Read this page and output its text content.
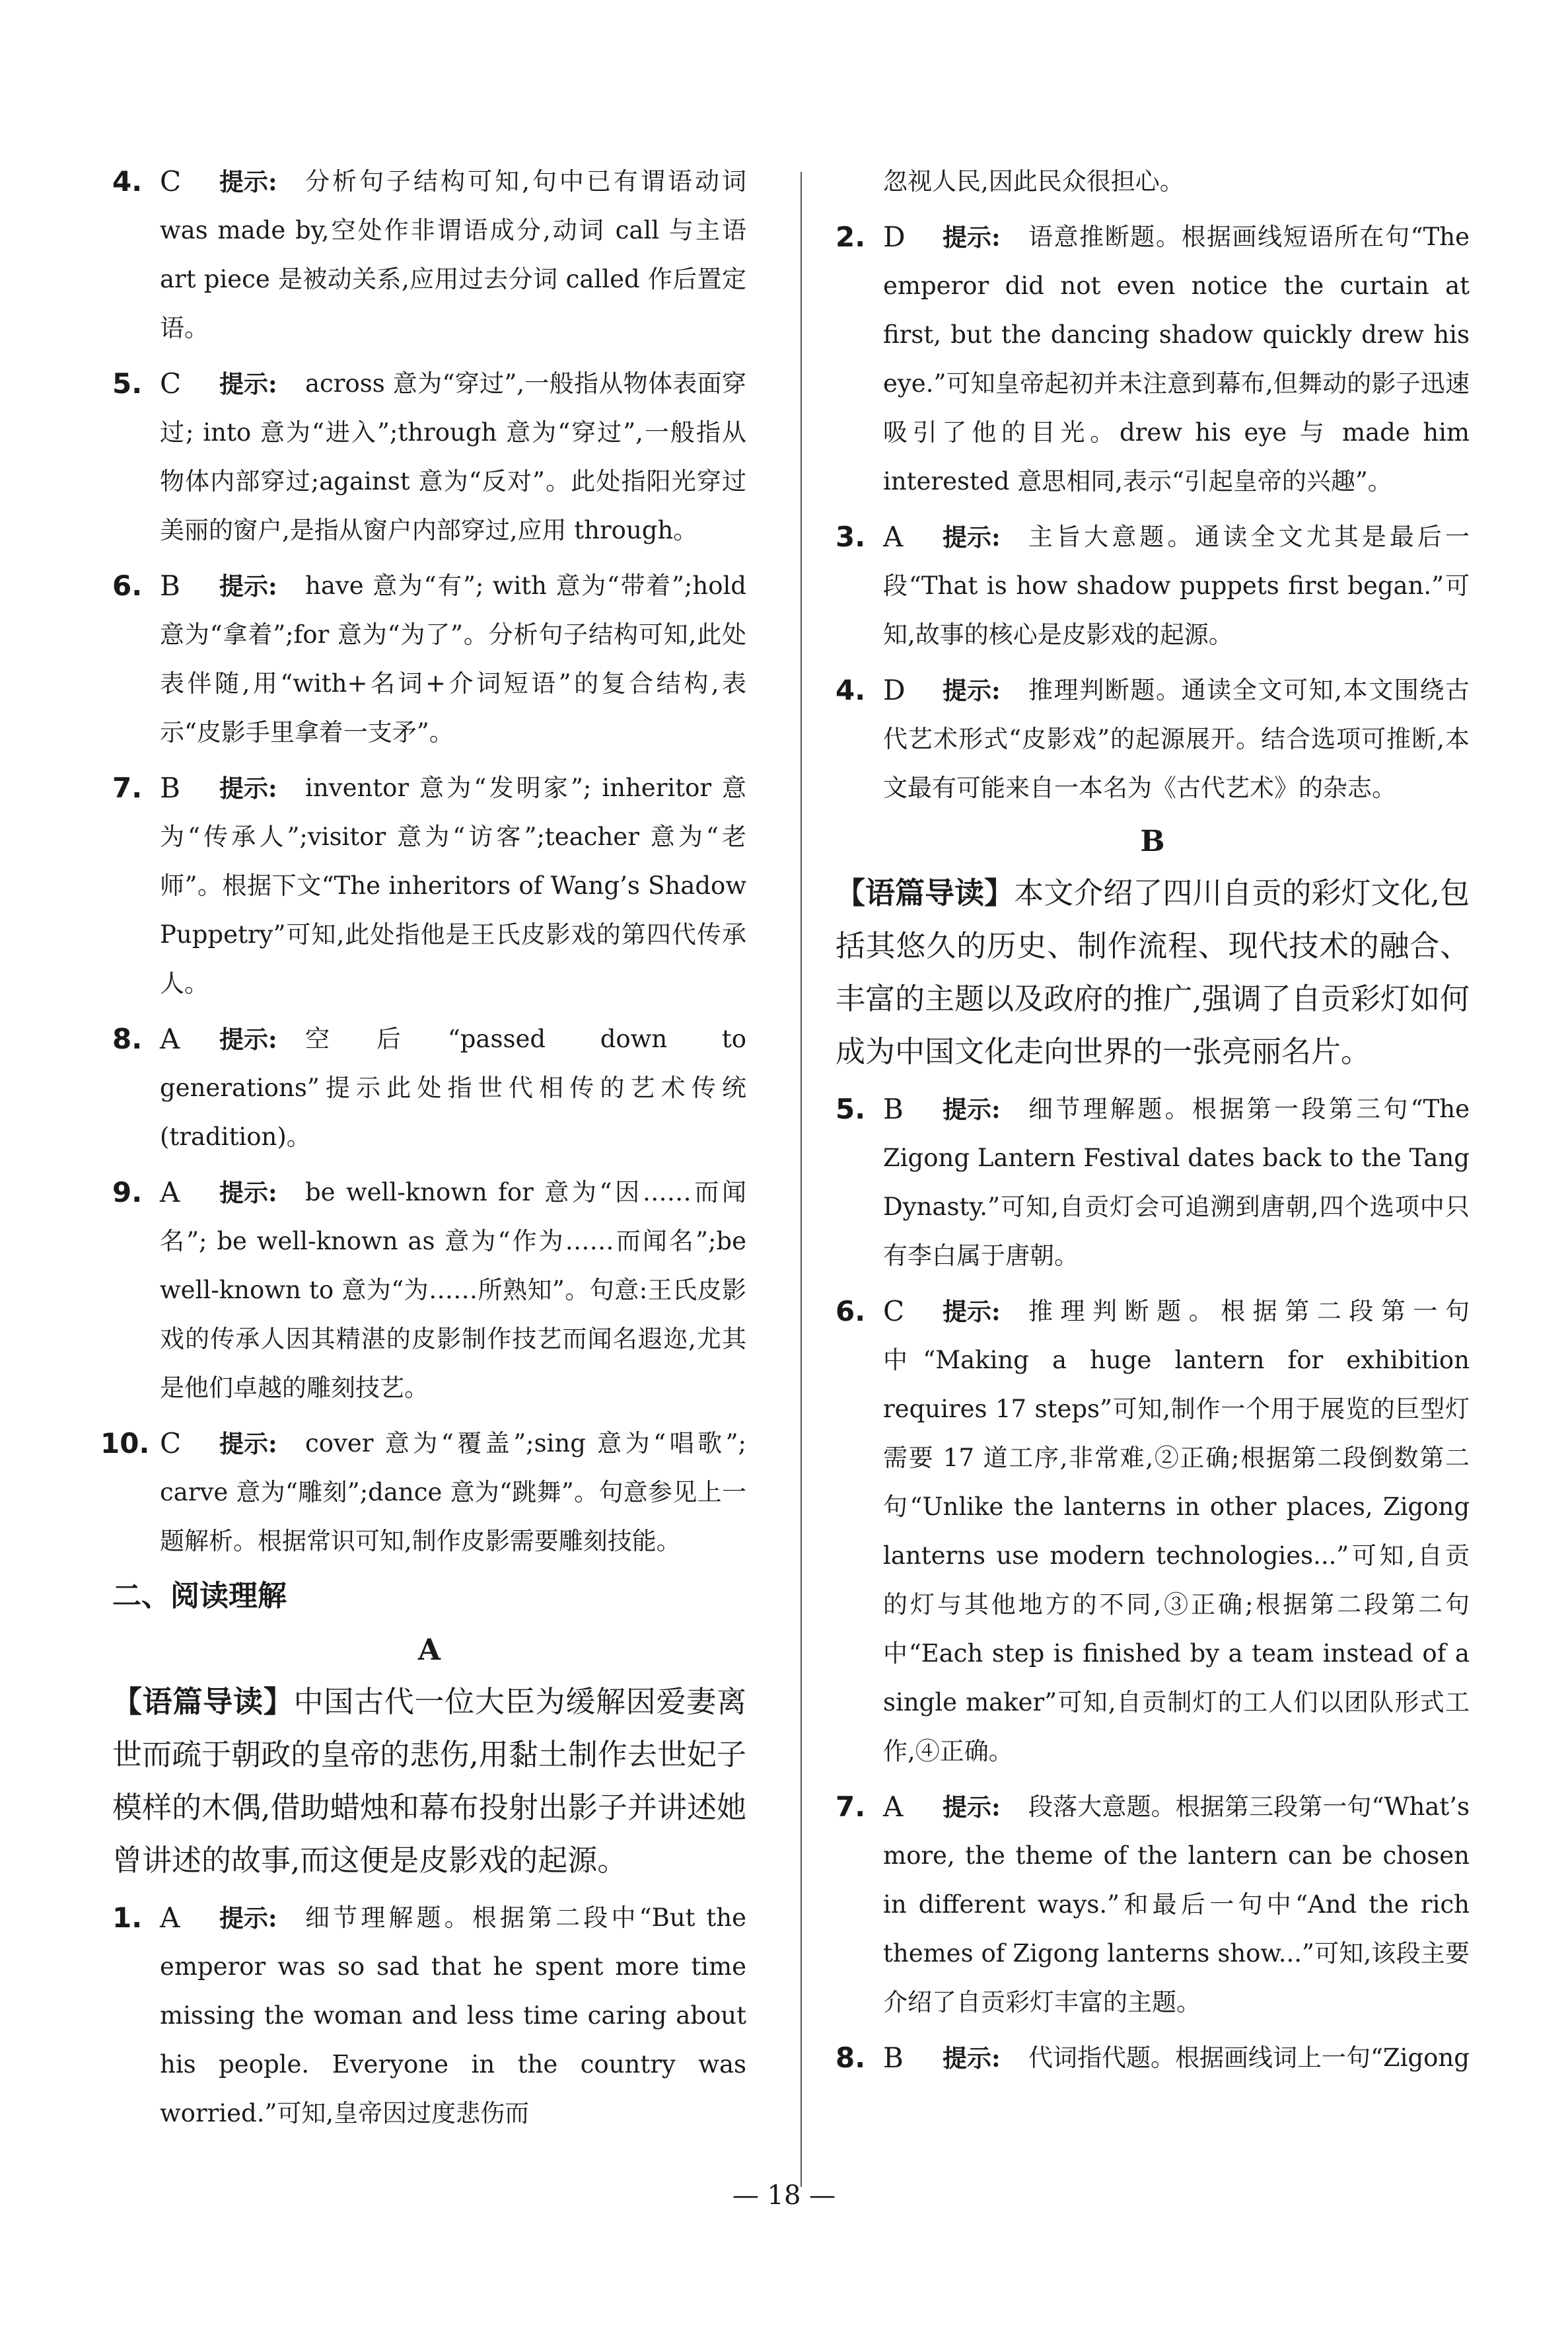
4. C 提示:	分析句子结构可知,句中已有谓语动词 was made by,空处作非谓语成分,动词 call 与主语 art piece 是被动关系,应用过去分词 called 作后置定语。
5. C 提示:	across 意为“穿过”,一般指从物体表面穿过; into 意为“进入”;through 意为“穿过”,一般指从物体内部穿过;against 意为“反对”。此处指阳光穿过美丽的窗户,是指从窗户内部穿过,应用 through。
6. B 提示:	have 意为“有”; with 意为“带着”;hold 意为“拿着”;for 意为“为了”。分析句子结构可知,此处表伴随,用“with+名词+介词短语”的复合结构,表示“皮影手里拿着一支矛”。
7. B 提示:	inventor 意为“发明家”; inheritor 意为“传承人”;visitor 意为“访客”;teacher 意为“老师”。根据下文“The inheritors of Wang’s Shadow Puppetry”可知,此处指他是王氏皮影戏的第四代传承人。
8. A 提示:	空后“passed down to generations”提示此处指世代相传的艺术传统(tradition)。
9. A 提示:	be well-known for 意为“因……而闻名”; be well-known as 意为“作为……而闻名”;be well-known to 意为“为……所熟知”。句意:王氏皮影戏的传承人因其精湛的皮影制作技艺而闻名遐迩,尤其是他们卓越的雕刻技艺。
10. C 提示:	cover 意为“覆盖”;sing 意为“唱歌”; carve 意为“雕刻”;dance 意为“跳舞”。句意参见上一题解析。根据常识可知,制作皮影需要雕刻技能。
二、阅读理解
A
【语篇导读】中国古代一位大臣为缓解因爱妻离世而疏于朝政的皇帝的悲伤,用黏土制作去世妃子模样的木偶,借助蜡烛和幕布投射出影子并讲述她曾讲述的故事,而这便是皮影戏的起源。
1. A 提示:	细节理解题。根据第二段中“But the emperor was so sad that he spent more time missing the woman and less time caring about his people. Everyone in the country was worried.”可知,皇帝因过度悲伤而
忽视人民,因此民众很担心。
2. D 提示:	语意推断题。根据画线短语所在句“The emperor did not even notice the curtain at first, but the dancing shadow quickly drew his eye.”可知皇帝起初并未注意到幕布,但舞动的影子迅速吸引了他的目光。drew his eye 与 made him interested 意思相同,表示“引起皇帝的兴趣”。
3. A 提示:	主旨大意题。通读全文尤其是最后一段“That is how shadow puppets first began.”可知,故事的核心是皮影戏的起源。
4. D 提示:	推理判断题。通读全文可知,本文围绕古代艺术形式“皮影戏”的起源展开。结合选项可推断,本文最有可能来自一本名为《古代艺术》的杂志。
B
【语篇导读】本文介绍了四川自贡的彩灯文化,包括其悠久的历史、制作流程、现代技术的融合、丰富的主题以及政府的推广,强调了自贡彩灯如何成为中国文化走向世界的一张亮丽名片。
5. B 提示:	细节理解题。根据第一段第三句“The Zigong Lantern Festival dates back to the Tang Dynasty.”可知,自贡灯会可追溯到唐朝,四个选项中只有李白属于唐朝。
6. C 提示:	推理判断题。根据第二段第一句中“Making a huge lantern for exhibition requires 17 steps”可知,制作一个用于展览的巨型灯需要 17 道工序,非常难,②正确;根据第二段倒数第二句“Unlike the lanterns in other places, Zigong lanterns use modern technologies...”可知,自贡的灯与其他地方的不同,③正确;根据第二段第二句中“Each step is finished by a team instead of a single maker”可知,自贡制灯的工人们以团队形式工作,④正确。
7. A 提示:	段落大意题。根据第三段第一句“What’s more, the theme of the lantern can be chosen in different ways.”和最后一句中“And the rich themes of Zigong lanterns show...”可知,该段主要介绍了自贡彩灯丰富的主题。
8. B 提示:	代词指代题。根据画线词上一句“Zigong
— 18 —
